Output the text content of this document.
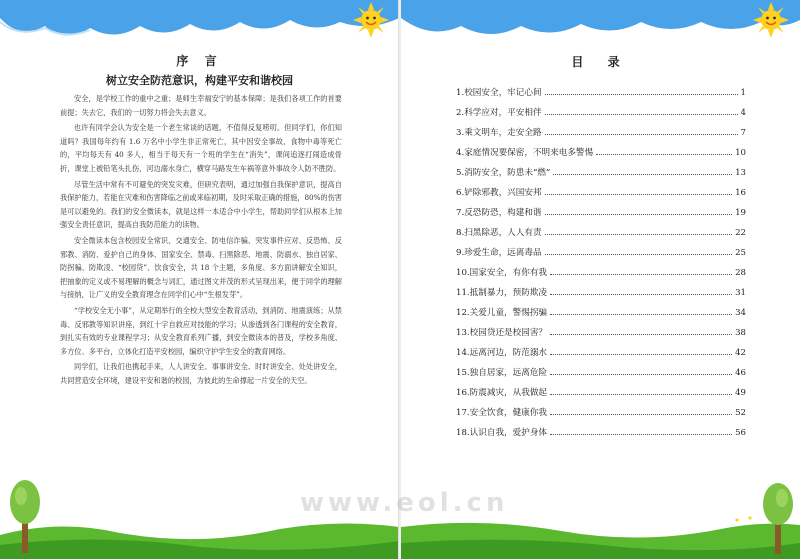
序 言
树立安全防范意识，构建平安和谐校园

安全，是学校工作的重中之重；是师生幸福安宁的基本保障；是我们各项工作的首要前提；失去它，我们的一切努力将会失去意义。

也许有同学会认为安全是一个老生常谈的话题，不值得反复唠叨。但同学们，你们知道吗？我国每年约有 1.6 万名中小学生非正常死亡，其中因安全事故、食物中毒等死亡的，平均每天有 40 多人，相当于每天有一个班的学生在“消失”，课间追逐打闹造成骨折，课堂上被铅笔头扎伤，河边溺水身亡，横穿马路发生车祸等意外事故令人防不胜防。

尽管生活中常有不可避免的突发灾难，但研究表明，通过加强自我保护意识，提高自我保护能力，若能在灾难和伤害降临之前或来临初期，及时采取正确的措施，80%的伤害是可以避免的。我们的安全微读本，就是这样一本适合中小学生，帮助同学们从根本上加强安全责任意识，提高自我防范能力的读物。

安全微读本包含校园安全常识、交通安全、防电信诈骗、突发事件应对、反恐怖、反邪教、消防、爱护自己的身体、国家安全、禁毒、扫黑除恶、地震、防溺水、独自居家、防拐骗、防欺凌、“校园贷”、饮食安全，共 18 个主题，多角度、多方面讲解安全知识，把抽象的定义或不易理解的概念与词汇，通过图文并茂的形式呈现出来，便于同学的理解与接纳，让广义的安全教育理念在同学们心中“生根发芽”。

“学校安全无小事”，从定期举行的全校大型安全教育活动，到消防、地震演练；从禁毒、反邪教等知识讲座，到红十字自救应对技能的学习；从渗透到各门课程的安全教育，到扎实有效的专业课程学习；从安全教育系列广播，到安全微读本的普及，学校多角度、多方位、多平台，立体化打造平安校园，编织守护学生安全的教育网络。

同学们，让我们也携起手来，人人讲安全、事事讲安全、时时讲安全、处处讲安全，共同营造安全环境，建设平安和谐的校园，为彼此的生命撑起一片安全的天空。

目 录
1.校园安全，牢记心间	1
2.科学应对，平安相伴	4
3.乘文明车，走安全路	7
4.家庭情况要保密，不明来电多警惕	10
5.消防安全，防患未“燃”	13
6.铲除邪教，兴国安邦	16
7.反恐防恐，构建和谐	19
8.扫黑除恶，人人有责	22
9.珍爱生命，远离毒品	25
10.国家安全，有你有我	28
11.抵制暴力，预防欺凌	31
12.关爱儿童，警惕拐骗	34
13.校园贷还是校园害？	38
14.远离河边，防范溺水	42
15.独自居家，远离危险	46
16.防震减灾，从我做起	49
17.安全饮食，健康你我	52
18.认识自我，爱护身体	56
www.eol.cn
